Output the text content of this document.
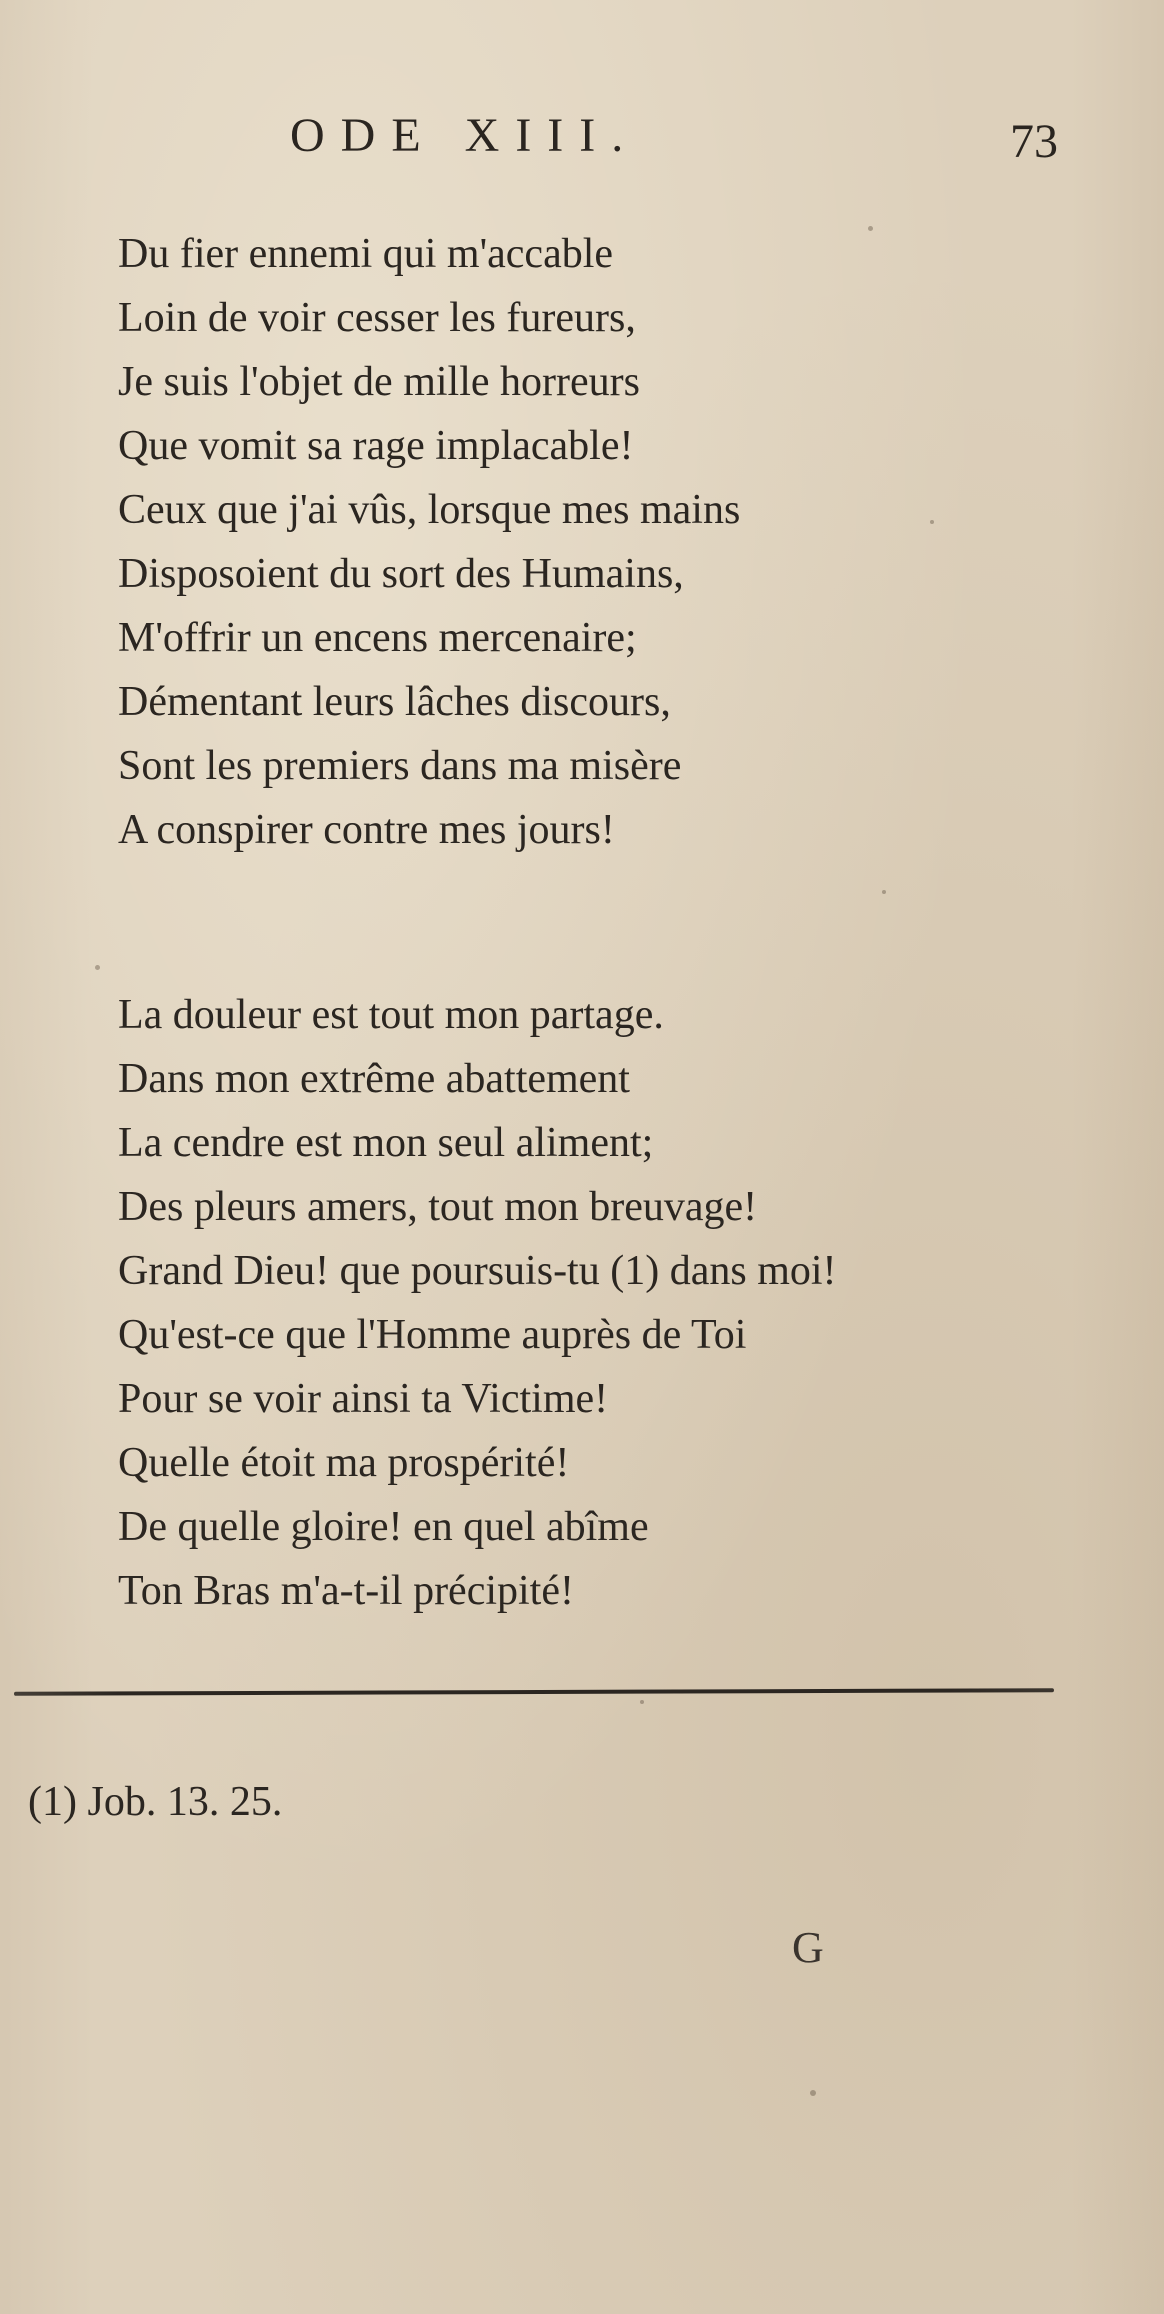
ODE XIII.	73
Du fier ennemi qui m'accable
Loin de voir cesser les fureurs,
Je suis l'objet de mille horreurs
Que vomit sa rage implacable!
Ceux que j'ai vûs, lorsque mes mains
Disposoient du sort des Humains,
M'offrir un encens mercenaire;
Démentant leurs lâches discours,
Sont les premiers dans ma misère
A conspirer contre mes jours!
La douleur est tout mon partage.
Dans mon extrême abattement
La cendre est mon seul aliment;
Des pleurs amers, tout mon breuvage!
Grand Dieu! que poursuis-tu (1) dans moi!
Qu'est-ce que l'Homme auprès de Toi
Pour se voir ainsi ta Victime!
Quelle étoit ma prospérité!
De quelle gloire! en quel abîme
Ton Bras m'a-t-il précipité!
(1) Job. 13. 25.
G
